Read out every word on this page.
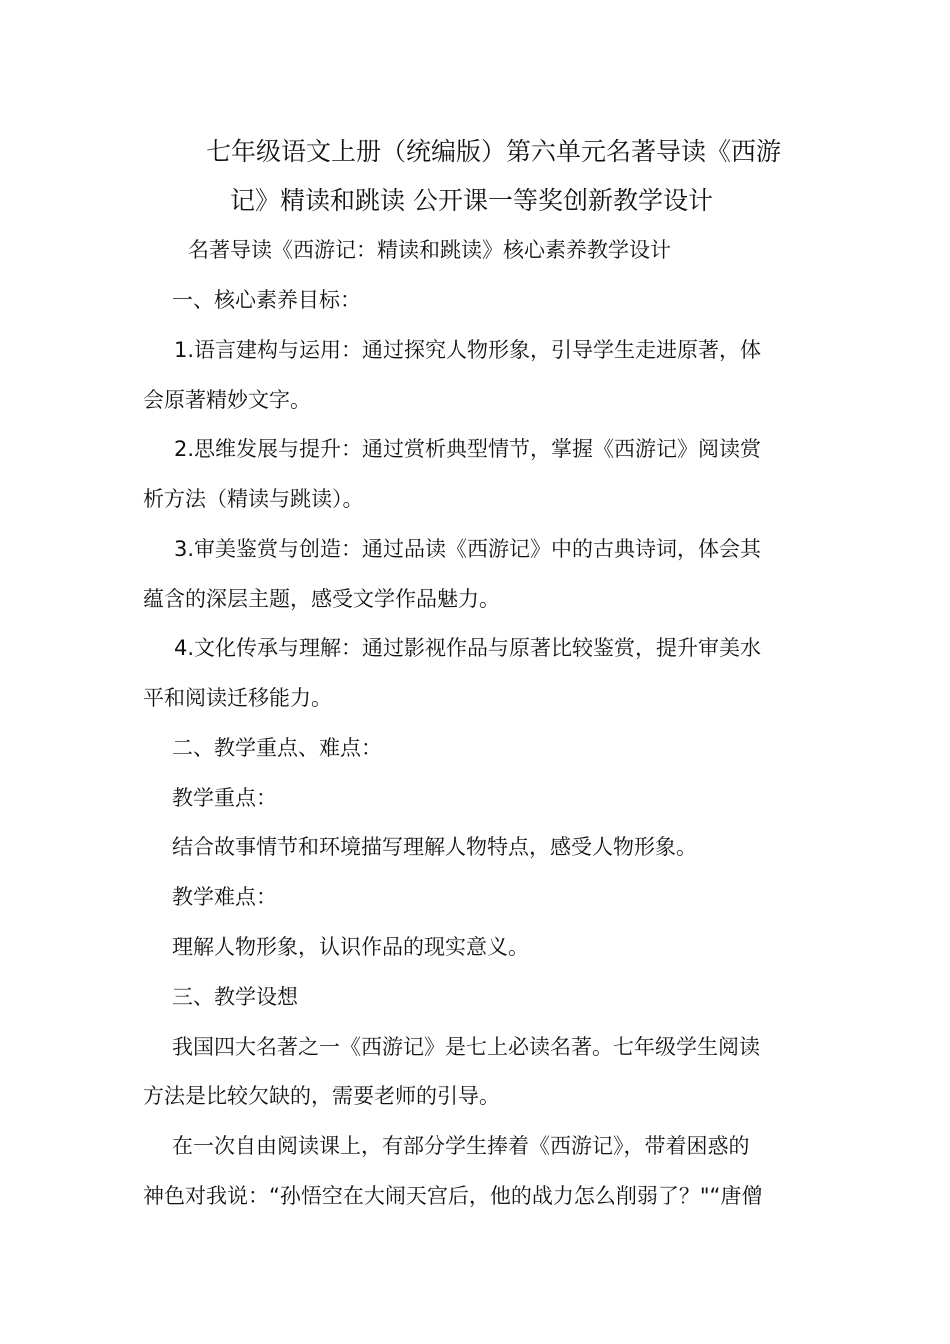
七年级语文上册（统编版）第六单元名著导读《西游
记》精读和跳读 公开课一等奖创新教学设计
名著导读《西游记：精读和跳读》核心素养教学设计
一、核心素养目标：
1.语言建构与运用：通过探究人物形象，引导学生走进原著，体
会原著精妙文字。
2.思维发展与提升：通过赏析典型情节，掌握《西游记》阅读赏
析方法（精读与跳读）。
3.审美鉴赏与创造：通过品读《西游记》中的古典诗词，体会其
蕴含的深层主题，感受文学作品魅力。
4.文化传承与理解：通过影视作品与原著比较鉴赏，提升审美水
平和阅读迁移能力。
二、教学重点、难点：
教学重点：
结合故事情节和环境描写理解人物特点，感受人物形象。
教学难点：
理解人物形象，认识作品的现实意义。
三、教学设想
我国四大名著之一《西游记》是七上必读名著。七年级学生阅读
方法是比较欠缺的，需要老师的引导。
在一次自由阅读课上，有部分学生捧着《西游记》，带着困惑的
神色对我说：“孙悟空在大闹天宫后，他的战力怎么削弱了？"“唐僧
